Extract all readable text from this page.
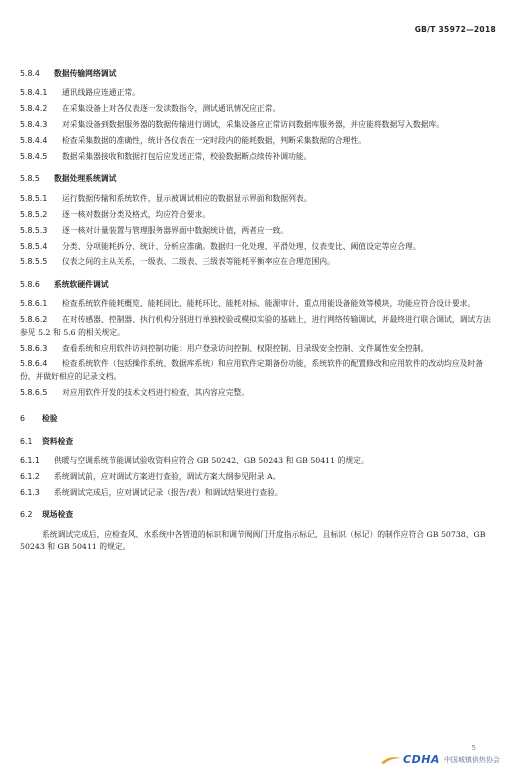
GB/T 35972—2018
5.8.4	数据传输网络调试
5.8.4.1 通讯线路应连通正常。
5.8.4.2 在采集设备上对各仪表逐一发读数指令，测试通讯情况应正常。
5.8.4.3 对采集设备到数据服务器的数据传输进行调试，采集设备应正常访问数据库服务器，并应能将数据写入数据库。
5.8.4.4 检查采集数据的准确性，统计各仪表在一定时段内的能耗数据，判断采集数据的合理性。
5.8.4.5 数据采集器接收和数据打包后应发送正常，校验数据断点续传补调功能。
5.8.5	数据处理系统调试
5.8.5.1 运行数据传输和系统软件，显示被调试相应的数据显示界面和数据列表。
5.8.5.2 逐一核对数据分类及格式，均应符合要求。
5.8.5.3 逐一核对计量装置与管理服务器界面中数据统计值，两者应一致。
5.8.5.4 分类、分项能耗拆分、统计、分析应准确。数据归一化处理、平滑处理、仪表变比、阈值设定等应合理。
5.8.5.5 仪表之间的主从关系，一级表、二级表、三级表等能耗平衡率应在合理范围内。
5.8.6	系统软硬件调试
5.8.6.1 检查系统软件能耗概览、能耗同比、能耗环比、能耗对标、能源审计、重点用能设备能效等模块，功能应符合设计要求。
5.8.6.2 在对传感器、控制器、执行机构分别进行单独校验或模拟实验的基础上，进行网络传输调试，并最终进行联合调试，调试方法参见 5.2 和 5.6 的相关规定。
5.8.6.3 查看系统和应用软件访问控制功能：用户登录访问控制、权限控制、目录级安全控制、文件属性安全控制。
5.8.6.4 检查系统软件（包括操作系统、数据库系统）和应用软件定期备份功能，系统软件的配置修改和应用软件的改动均应及时备份，并做好相应的记录文档。
5.8.6.5 对应用软件开发的技术文档进行检查，其内容应完整。
6	检验
6.1	资料检查
6.1.1 供暖与空调系统节能调试验收资料应符合 GB 50242、GB 50243 和 GB 50411 的规定。
6.1.2 系统调试前，应对调试方案进行查验，调试方案大纲参见附录 A。
6.1.3 系统调试完成后，应对调试记录（报告/表）和调试结果进行查验。
6.2	现场检查
系统调试完成后，应检查风、水系统中各管道的标识和调节阀阀门开度指示标记，且标识（标记）的制作应符合 GB 50738、GB 50243 和 GB 50411 的规定。
5
CDHA 中国城镇供热协会
